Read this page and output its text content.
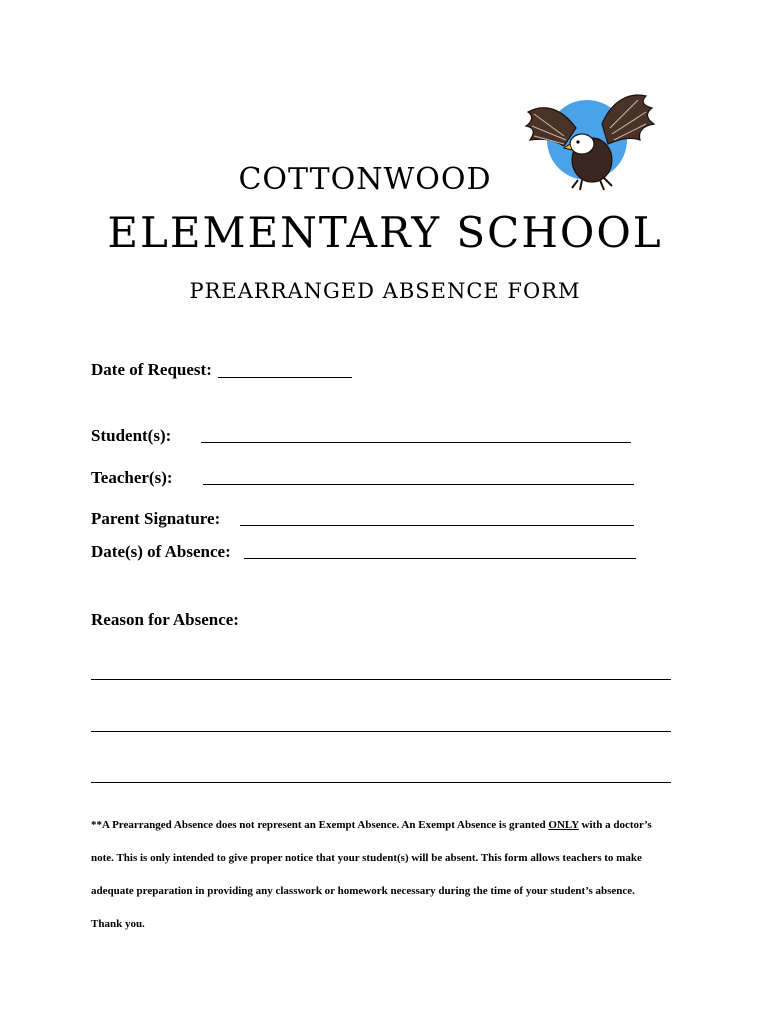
COTTONWOOD
ELEMENTARY SCHOOL
PREARRANGED ABSENCE FORM
Date of Request:
Student(s):
Teacher(s):
Parent Signature:
Date(s) of Absence:
Reason for Absence:
**A Prearranged Absence does not represent an Exempt Absence. An Exempt Absence is granted ONLY with a doctor’s
note. This is only intended to give proper notice that your student(s) will be absent. This form allows teachers to make
adequate preparation in providing any classwork or homework necessary during the time of your student’s absence.
Thank you.
